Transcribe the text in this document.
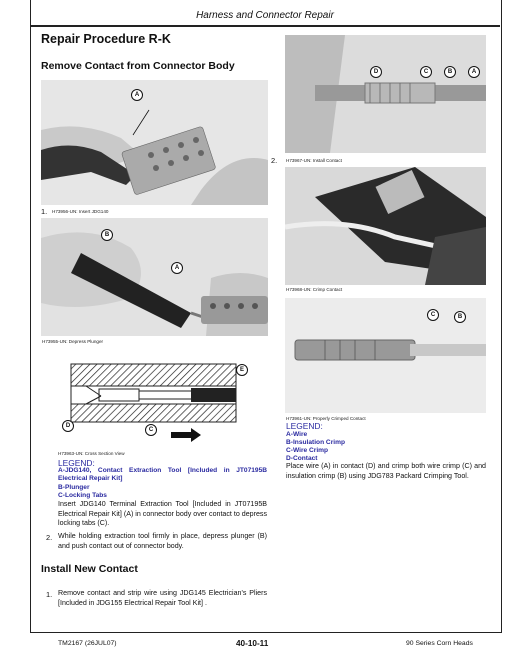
Harness and Connector Repair
Repair Procedure R-K
Remove Contact from Connector Body
A
1. H73956-UN: Insert JDG140
B
A
H73955-UN: Depress Plunger
E
D
C
H73963-UN: Cross Section View
LEGEND:
A-JDG140, Contact Extraction Tool [Included in JT07195B Electrical Repair Kit]
B-Plunger
C-Locking Tabs
Insert JDG140 Terminal Extraction Tool [Included in JT07195B Electrical Repair Kit] (A) in connector body over contact to depress locking tabs (C).
2. While holding extraction tool firmly in place, depress plunger (B) and push contact out of connector body.
Install New Contact
1. Remove contact and strip wire using JDG145 Electrician's Pliers [Included in JDG155 Electrical Repair Tool Kit] .
D	C	B	A
2. H73967-UN: Install Contact
H73968-UN: Crimp Contact
C	B
H73961-UN: Properly Crimped Contact
LEGEND:
A-Wire
B-Insulation Crimp
C-Wire Crimp
D-Contact
Place wire (A) in contact (D) and crimp both wire crimp (C) and insulation crimp (B) using JDG783 Packard Crimping Tool.
TM2167 (26JUL07)	40-10-11	90 Series Corn Heads
